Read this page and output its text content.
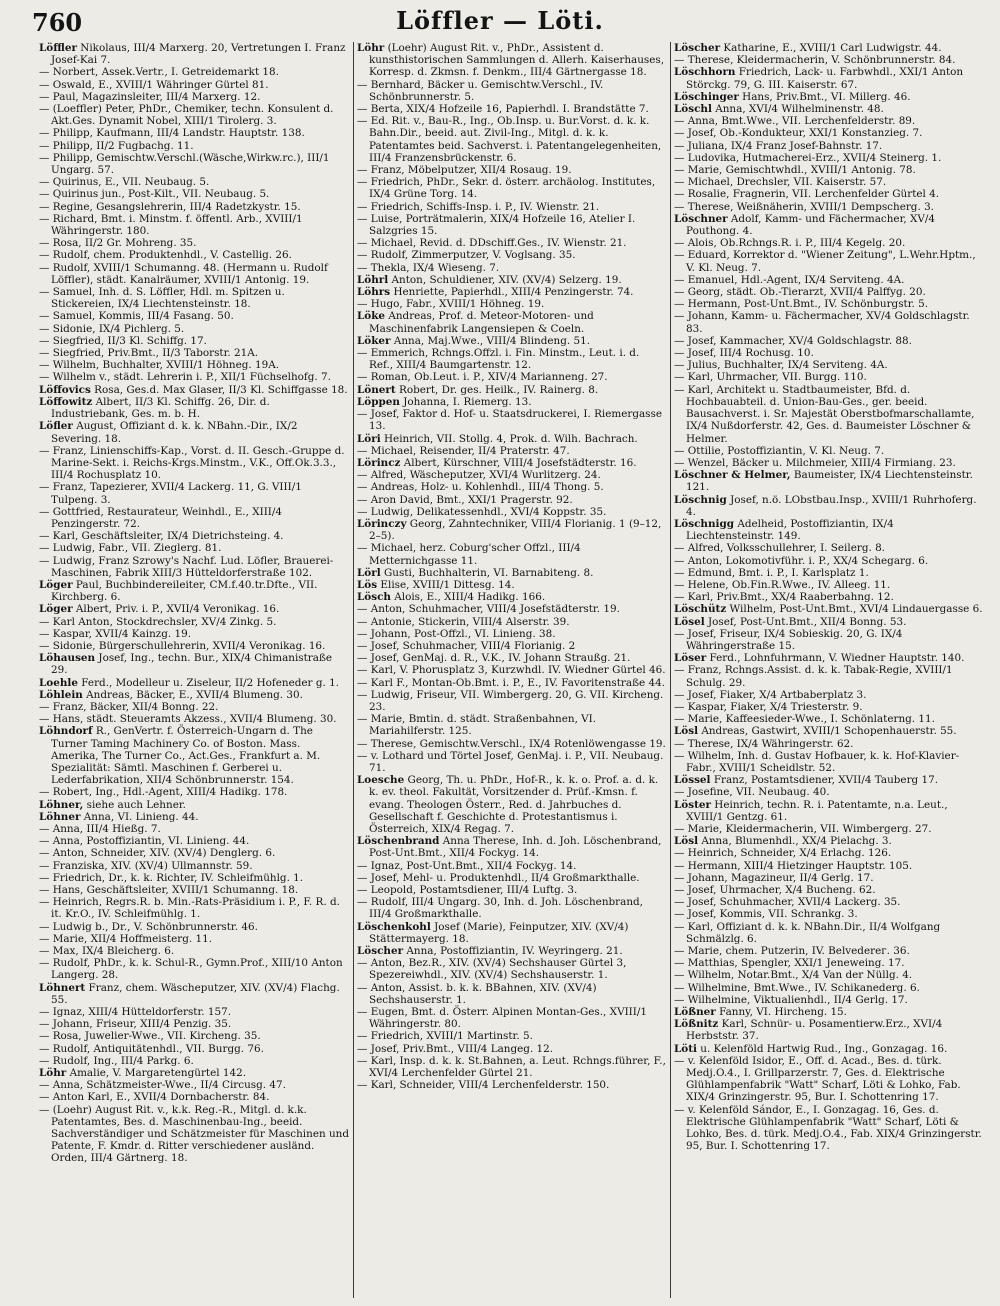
760	Löffler — Löti.

Löffler Nikolaus, III/4 Marxerg. 20, Vertretungen I. Franz Josef-Kai 7.

— Norbert, Assek.Vertr., I. Getreidemarkt 18.

— Oswald, E., XVIII/1 Währinger Gürtel 81.

— Paul, Magazinsleiter, III/4 Marxerg. 12.

— (Loeffler) Peter, PhDr., Chemiker, techn. Konsulent d. Akt.Ges. Dynamit Nobel, XIII/1 Tirolerg. 3.

— Philipp, Kaufmann, III/4 Landstr. Hauptstr. 138.

— Philipp, II/2 Fugbachg. 11.

— Philipp, Gemischtw.Verschl.(Wäsche,Wirkw.rc.), III/1 Ungarg. 57.

— Quirinus, E., VII. Neubaug. 5.

— Quirinus jun., Post-Kilt., VII. Neubaug. 5.

— Regine, Gesangslehrerin, III/4 Radetzkystr. 15.

— Richard, Bmt. i. Minstm. f. öffentl. Arb., XVIII/1 Währingerstr. 180.

— Rosa, II/2 Gr. Mohreng. 35.

— Rudolf, chem. Produktenhdl., V. Castellig. 26.

— Rudolf, XVIII/1 Schumanng. 48. (Hermann u. Rudolf Löffler), städt. Kanalräumer, XVIII/1 Antonig. 19.

— Samuel, Inh. d. S. Löffler, Hdl. m. Spitzen u. Stickereien, IX/4 Liechtensteinstr. 18.

— Samuel, Kommis, III/4 Fasang. 50.

— Sidonie, IX/4 Pichlerg. 5.

— Siegfried, II/3 Kl. Schiffg. 17.

— Siegfried, Priv.Bmt., II/3 Taborstr. 21A.

— Wilhelm, Buchhalter, XVIII/1 Höhneg. 19A.

— Wilhelm v., städt. Lehrerin i. P., XII/1 Füchselhofg. 7.

Löffovics Rosa, Ges.d. Max Glaser, II/3 Kl. Schiffgasse 18.

Löffowitz Albert, II/3 Kl. Schiffg. 26, Dir. d. Industriebank, Ges. m. b. H.

Löfler August, Offiziant d. k. k. NBahn.-Dir., IX/2 Severing. 18.

— Franz, Linienschiffs-Kap., Vorst. d. II. Gesch.-Gruppe d. Marine-Sekt. i. Reichs-Krgs.Minstm., V.K., Off.Ok.3.3., III/4 Rochusplatz 10.

— Franz, Tapezierer, XVII/4 Lackerg. 11, G. VIII/1 Tulpeng. 3.

— Gottfried, Restaurateur, Weinhdl., E., XIII/4 Penzingerstr. 72.

— Karl, Geschäftsleiter, IX/4 Dietrichsteing. 4.

— Ludwig, Fabr., VII. Zieglerg. 81.

— Ludwig, Franz Szrowy's Nachf. Lud. Löfler, Brauerei-Maschinen, Fabrik XIII/3 Hütteldorferstraße 102.

Löger Paul, Buchbindereileiter, CM.f.40.tr.Dfte., VII. Kirchberg. 6.

Löger Albert, Priv. i. P., XVII/4 Veronikag. 16.

— Karl Anton, Stockdrechsler, XV/4 Zinkg. 5.

— Kaspar, XVII/4 Kainzg. 19.

— Sidonie, Bürgerschullehrerin, XVII/4 Veronikag. 16.

Löhausen Josef, Ing., techn. Bur., XIX/4 Chimanistraße 29.

Loehle Ferd., Modelleur u. Ziseleur, II/2 Hofeneder g. 1.

Löhlein Andreas, Bäcker, E., XVII/4 Blumeng. 30.

— Franz, Bäcker, XII/4 Bonng. 22.

— Hans, städt. Steueramts Akzess., XVII/4 Blumeng. 30.

Löhndorf R., GenVertr. f. Österreich-Ungarn d. The Turner Taming Machinery Co. of Boston. Mass. Amerika, The Turner Co., Act.Ges., Frankfurt a. M. Spezialität: Sämtl. Maschinen f. Gerberei u. Lederfabrikation, XII/4 Schönbrunnerstr. 154.

— Robert, Ing., Hdl.-Agent, XIII/4 Hadikg. 178.

Löhner, siehe auch Lehner.

Löhner Anna, VI. Linieng. 44.

— Anna, III/4 Hießg. 7.

— Anna, Postoffiziantin, VI. Linieng. 44.

— Anton, Schneider, XIV. (XV/4) Denglerg. 6.

— Franziska, XIV. (XV/4) Ullmannstr. 59.

— Friedrich, Dr., k. k. Richter, IV. Schleifmühlg. 1.

— Hans, Geschäftsleiter, XVIII/1 Schumanng. 18.

— Heinrich, Regrs.R. b. Min.-Rats-Präsidium i. P., F. R. d. it. Kr.O., IV. Schleifmühlg. 1.

— Ludwig b., Dr., V. Schönbrunnerstr. 46.

— Marie, XII/4 Hoffmeisterg. 11.

— Max, IX/4 Bleicherg. 6.

— Rudolf, PhDr., k. k. Schul-R., Gymn.Prof., XIII/10 Anton Langerg. 28.

Löhnert Franz, chem. Wäscheputzer, XIV. (XV/4) Flachg. 55.

— Ignaz, XIII/4 Hütteldorferstr. 157.

— Johann, Friseur, XIII/4 Penzig. 35.

— Rosa, Juwelier-Wwe., VII. Kircheng. 35.

— Rudolf, Antiquitätenhdl., VII. Burgg. 76.

— Rudolf, Ing., III/4 Parkg. 6.

Löhr Amalie, V. Margaretengürtel 142.

— Anna, Schätzmeister-Wwe., II/4 Circusg. 47.

— Anton Karl, E., XVII/4 Dornbacherstr. 84.

— (Loehr) August Rit. v., k.k. Reg.-R., Mitgl. d. k.k. Patentamtes, Bes. d. Maschinenbau-Ing., beeid. Sachverständiger und Schätzmeister für Maschinen und Patente, F. Kmdr. d. Ritter verschiedener ausländ. Orden, III/4 Gärtnerg. 18.

Löhr (Loehr) August Rit. v., PhDr., Assistent d. kunsthistorischen Sammlungen d. Allerh. Kaiserhauses, Korresp. d. Zkmsn. f. Denkm., III/4 Gärtnergasse 18.

— Bernhard, Bäcker u. Gemischtw.Verschl., IV. Schönbrunnerstr. 5.

— Berta, XIX/4 Hofzeile 16, Papierhdl. I. Brandstätte 7.

— Ed. Rit. v., Bau-R., Ing., Ob.Insp. u. Bur.Vorst. d. k. k. Bahn.Dir., beeid. aut. Zivil-Ing., Mitgl. d. k. k. Patentamtes beid. Sachverst. i. Patentangelegenheiten, III/4 Franzensbrückenstr. 6.

— Franz, Möbelputzer, XII/4 Rosaug. 19.

— Friedrich, PhDr., Sekr. d. österr. archäolog. Institutes, IX/4 Grüne Torg. 14.

— Friedrich, Schiffs-Insp. i. P., IV. Wienstr. 21.

— Luise, Porträtmalerin, XIX/4 Hofzeile 16, Atelier I. Salzgries 15.

— Michael, Revid. d. DDschiff.Ges., IV. Wienstr. 21.

— Rudolf, Zimmerputzer, V. Voglsang. 35.

— Thekla, IX/4 Wieseng. 7.

Löhrl Anton, Schuldiener, XIV. (XV/4) Selzerg. 19.

Löhrs Henriette, Papierhdl., XIII/4 Penzingerstr. 74.

— Hugo, Fabr., XVIII/1 Höhneg. 19.

Löke Andreas, Prof. d. Meteor-Motoren- und Maschinenfabrik Langensiepen & Coeln.

Löker Anna, Maj.Wwe., VIII/4 Blindeng. 51.

— Emmerich, Rchngs.Offzl. i. Fin. Minstm., Leut. i. d. Ref., XIII/4 Baumgartenstr. 12.

— Roman, Ob.Leut. i. P., XIV/4 Marianneng. 27.

Lönert Robert, Dr. ges. Heilk., IV. Rainerg. 8.

Löppen Johanna, I. Riemerg. 13.

— Josef, Faktor d. Hof- u. Staatsdruckerei, I. Riemergasse 13.

Löri Heinrich, VII. Stollg. 4, Prok. d. Wilh. Bachrach.

— Michael, Reisender, II/4 Praterstr. 47.

Lörincz Albert, Kürschner, VIII/4 Josefstädterstr. 16.

— Alfred, Wäscheputzer, XVI/4 Wurlitzerg. 24.

— Andreas, Holz- u. Kohlenhdl., III/4 Thong. 5.

— Aron David, Bmt., XXI/1 Pragerstr. 92.

— Ludwig, Delikatessenhdl., XVI/4 Koppstr. 35.

Lörinczy Georg, Zahntechniker, VIII/4 Florianig. 1 (9–12, 2–5).

— Michael, herz. Coburg'scher Offzl., III/4 Metternichgasse 11.

Lörl Gusti, Buchhalterin, VI. Barnabiteng. 8.

Lös Elise, XVIII/1 Dittesg. 14.

Lösch Alois, E., XIII/4 Hadikg. 166.

— Anton, Schuhmacher, VIII/4 Josefstädterstr. 19.

— Antonie, Stickerin, VIII/4 Alserstr. 39.

— Johann, Post-Offzl., VI. Linieng. 38.

— Josef, Schuhmacher, VIII/4 Florianig. 2

— Josef, GenMaj. d. R., V.K., IV. Johann Straußg. 21.

— Karl, V. Phorusplatz 3, Kurzwhdl. IV. Wiedner Gürtel 46.

— Karl F., Montan-Ob.Bmt. i. P., E., IV. Favoritenstraße 44.

— Ludwig, Friseur, VII. Wimbergerg. 20, G. VII. Kircheng. 23.

— Marie, Bmtin. d. städt. Straßenbahnen, VI. Mariahilferstr. 125.

— Therese, Gemischtw.Verschl., IX/4 Rotenlöwengasse 19.

— v. Lothard und Törtel Josef, GenMaj. i. P., VII. Neubaug. 71.

Loesche Georg, Th. u. PhDr., Hof-R., k. k. o. Prof. a. d. k. k. ev. theol. Fakultät, Vorsitzender d. Prüf.-Kmsn. f. evang. Theologen Österr., Red. d. Jahrbuches d. Gesellschaft f. Geschichte d. Protestantismus i. Österreich, XIX/4 Regag. 7.

Löschenbrand Anna Therese, Inh. d. Joh. Löschenbrand, Post-Unt.Bmt., XII/4 Fockyg. 14.

— Ignaz, Post-Unt.Bmt., XII/4 Fockyg. 14.

— Josef, Mehl- u. Produktenhdl., II/4 Großmarkthalle.

— Leopold, Postamtsdiener, III/4 Luftg. 3.

— Rudolf, III/4 Ungarg. 30, Inh. d. Joh. Löschenbrand, III/4 Großmarkthalle.

Löschenkohl Josef (Marie), Feinputzer, XIV. (XV/4) Stättermayerg. 18.

Löscher Anna, Postoffiziantin, IV. Weyringerg. 21.

— Anton, Bez.R., XIV. (XV/4) Sechshauser Gürtel 3, Spezereiwhdl., XIV. (XV/4) Sechshauserstr. 1.

— Anton, Assist. b. k. k. BBahnen, XIV. (XV/4) Sechshauserstr. 1.

— Eugen, Bmt. d. Österr. Alpinen Montan-Ges., XVIII/1 Währingerstr. 80.

— Friedrich, XVIII/1 Martinstr. 5.

— Josef, Priv.Bmt., VIII/4 Langeg. 12.

— Karl, Insp. d. k. k. St.Bahnen, a. Leut. Rchngs.führer, F., XVI/4 Lerchenfelder Gürtel 21.

— Karl, Schneider, VIII/4 Lerchenfelderstr. 150.

Löscher Katharine, E., XVIII/1 Carl Ludwigstr. 44.

— Therese, Kleidermacherin, V. Schönbrunnerstr. 84.

Löschhorn Friedrich, Lack- u. Farbwhdl., XXI/1 Anton Störckg. 79, G. III. Kaiserstr. 67.

Löschinger Hans, Priv.Bmt., VI. Millerg. 46.

Löschl Anna, XVI/4 Wilhelminenstr. 48.

— Anna, Bmt.Wwe., VII. Lerchenfelderstr. 89.

— Josef, Ob.-Kondukteur, XXI/1 Konstanzieg. 7.

— Juliana, IX/4 Franz Josef-Bahnstr. 17.

— Ludovika, Hutmacherei-Erz., XVII/4 Steinerg. 1.

— Marie, Gemischtwhdl., XVIII/1 Antonig. 78.

— Michael, Drechsler, VII. Kaiserstr. 57.

— Rosalie, Fragnerin, VII. Lerchenfelder Gürtel 4.

— Therese, Weißnäherin, XVIII/1 Dempscherg. 3.

Löschner Adolf, Kamm- und Fächermacher, XV/4 Pouthong. 4.

— Alois, Ob.Rchngs.R. i. P., III/4 Kegelg. 20.

— Eduard, Korrektor d. "Wiener Zeitung", L.Wehr.Hptm., V. Kl. Neug. 7.

— Emanuel, Hdl.-Agent, IX/4 Serviteng. 4A.

— Georg, städt. Ob.-Tierarzt, XVII/4 Palffyg. 20.

— Hermann, Post-Unt.Bmt., IV. Schönburgstr. 5.

— Johann, Kamm- u. Fächermacher, XV/4 Goldschlagstr. 83.

— Josef, Kammacher, XV/4 Goldschlagstr. 88.

— Josef, III/4 Rochusg. 10.

— Julius, Buchhalter, IX/4 Serviteng. 4A.

— Karl, Uhrmacher, VII. Burgg. 110.

— Karl, Architekt u. Stadtbaumeister, Bfd. d. Hochbauabteil. d. Union-Bau-Ges., ger. beeid. Bausachverst. i. Sr. Majestät Oberstbofmarschallamte, IX/4 Nußdorferstr. 42, Ges. d. Baumeister Löschner & Helmer.

— Ottilie, Postoffiziantin, V. Kl. Neug. 7.

— Wenzel, Bäcker u. Milchmeier, XIII/4 Firmiang. 23.

Löschner & Helmer, Baumeister, IX/4 Liechtensteinstr. 121.

Löschnig Josef, n.ö. LObstbau.Insp., XVIII/1 Ruhrhoferg. 4.

Löschnigg Adelheid, Postoffiziantin, IX/4 Liechtensteinstr. 149.

— Alfred, Volksschullehrer, I. Seilerg. 8.

— Anton, Lokomotivführ. i. P., XX/4 Schegarg. 6.

— Edmund, Bmt. i. P., I. Karlsplatz 1.

— Helene, Ob.Fin.R.Wwe., IV. Alleeg. 11.

— Karl, Priv.Bmt., XX/4 Raaberbahng. 12.

Löschütz Wilhelm, Post-Unt.Bmt., XVI/4 Lindauergasse 6.

Lösel Josef, Post-Unt.Bmt., XII/4 Bonng. 53.

— Josef, Friseur, IX/4 Sobieskig. 20, G. IX/4 Währingerstraße 15.

Löser Ferd., Lohnfuhrmann, V. Wiedner Hauptstr. 140.

— Franz, Rchngs.Assist. d. k. k. Tabak-Regie, XVIII/1 Schulg. 29.

— Josef, Fiaker, X/4 Artbaberplatz 3.

— Kaspar, Fiaker, X/4 Triesterstr. 9.

— Marie, Kaffeesieder-Wwe., I. Schönlaterng. 11.

Lösl Andreas, Gastwirt, XVIII/1 Schopenhauerstr. 55.

— Therese, IX/4 Währingerstr. 62.

— Wilhelm, Inh. d. Gustav Hofbauer, k. k. Hof-Klavier-Fabr., XVIII/1 Scheidlstr. 52.

Lössel Franz, Postamtsdiener, XVII/4 Tauberg 17.

— Josefine, VII. Neubaug. 40.

Löster Heinrich, techn. R. i. Patentamte, n.a. Leut., XVIII/1 Gentzg. 61.

— Marie, Kleidermacherin, VII. Wimbergerg. 27.

Lösl Anna, Blumenhdl., XX/4 Pielachg. 3.

— Heinrich, Schneider, X/4 Erlachg. 126.

— Hermann, XIII/4 Hietzinger Hauptstr. 105.

— Johann, Magazineur, II/4 Gerlg. 17.

— Josef, Uhrmacher, X/4 Bucheng. 62.

— Josef, Schuhmacher, XVII/4 Lackerg. 35.

— Josef, Kommis, VII. Schrankg. 3.

— Karl, Offiziant d. k. k. NBahn.Dir., II/4 Wolfgang Schmälzlg. 6.

— Marie, chem. Putzerin, IV. Belvederег. 36.

— Matthias, Spengler, XXI/1 Jeneweing. 17.

— Wilhelm, Notar.Bmt., X/4 Van der Nüllg. 4.

— Wilhelmine, Bmt.Wwe., IV. Schikanederg. 6.

— Wilhelmine, Viktualienhdl., II/4 Gerlg. 17.

Lößner Fanny, VI. Hircheng. 15.

Lößnitz Karl, Schnür- u. Posamentierw.Erz., XVI/4 Herbststr. 37.

Löti u. Kelenföld Hartwig Rud., Ing., Gonzagag. 16.

— v. Kelenföld Isidor, E., Off. d. Acad., Bes. d. türk. Medj.O.4., I. Grillparzerstr. 7, Ges. d. Elektrische Glühlampenfabrik "Watt" Scharf, Löti & Lohko, Fab. XIX/4 Grinzingerstr. 95, Bur. I. Schottenring 17.

— v. Kelenföld Sándor, E., I. Gonzagag. 16, Ges. d. Elektrische Glühlampenfabrik "Watt" Scharf, Löti & Lohko, Bes. d. türk. Medj.O.4., Fab. XIX/4 Grinzingerstr. 95, Bur. I. Schottenring 17.
